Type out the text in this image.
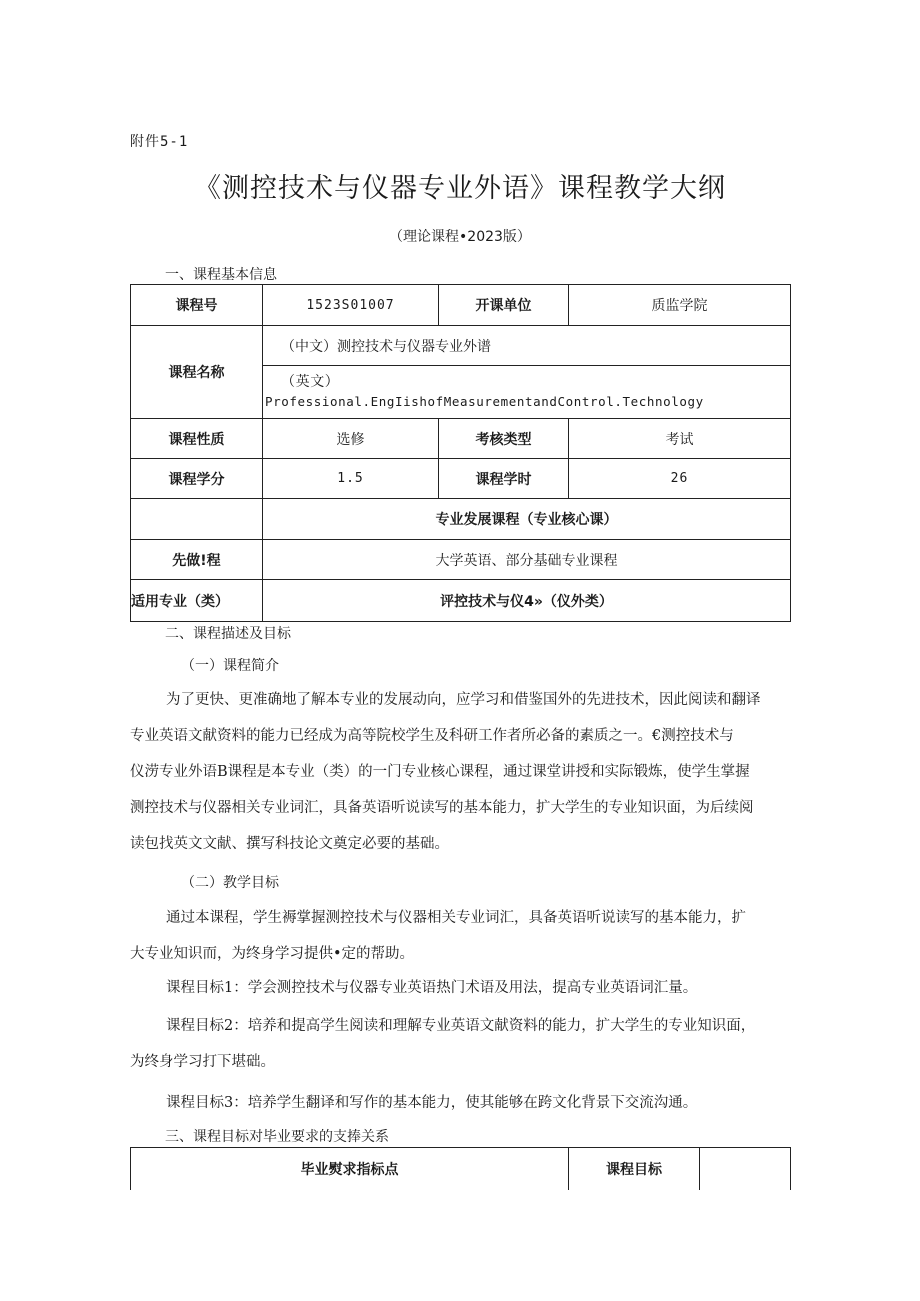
附件5-1
《测控技术与仪器专业外语》课程教学大纲
（理论课程•2023版）
一、课程基本信息
课程号	1523S01007	开课单位	质监学院
课程名称	（中文）测控技术与仪器专业外谱		

	（英文）
Professional.EngIishofMeasurementandControl.Technology		

课程性质	选修	考核类型	考试
课程学分	1.5	课程学时	26
	专业发展课程（专业核心课）		
先做!程	大学英语、部分基础专业课程		
适用专业（类）	评控技术与仪4»（仪外类）		
二、课程描述及目标
（一）课程简介
为了更快、更准确地了解本专业的发展动向，应学习和借鉴国外的先进技术，因此阅读和翻译
专业英语文献资料的能力已经成为高等院校学生及科研工作者所必备的素质之一。€测控技术与
仪涝专业外语B课程是本专业（类）的一门专业核心课程，通过课堂讲授和实际锻炼，使学生掌握
测控技术与仪器相关专业词汇，具备英语听说读写的基本能力，扩大学生的专业知识面，为后续阅
读包找英文文献、撰写科技论文奠定必要的基础。
（二）教学目标
通过本课程，学生褥掌握测控技术与仪器相关专业词汇，具备英语听说读写的基本能力，扩
大专业知识而，为终身学习提供•定的帮助。
课程目标1：学会测控技术与仪器专业英语热门术语及用法，提高专业英语词汇量。
课程目标2：培养和提高学生阅读和理解专业英语文献资料的能力，扩大学生的专业知识面，
为终身学习打下堪础。
课程目标3：培养学生翻译和写作的基本能力，使其能够在跨文化背景下交流沟通。
三、课程目标对毕业要求的支捧关系
毕业熨求指标点	课程目标	
